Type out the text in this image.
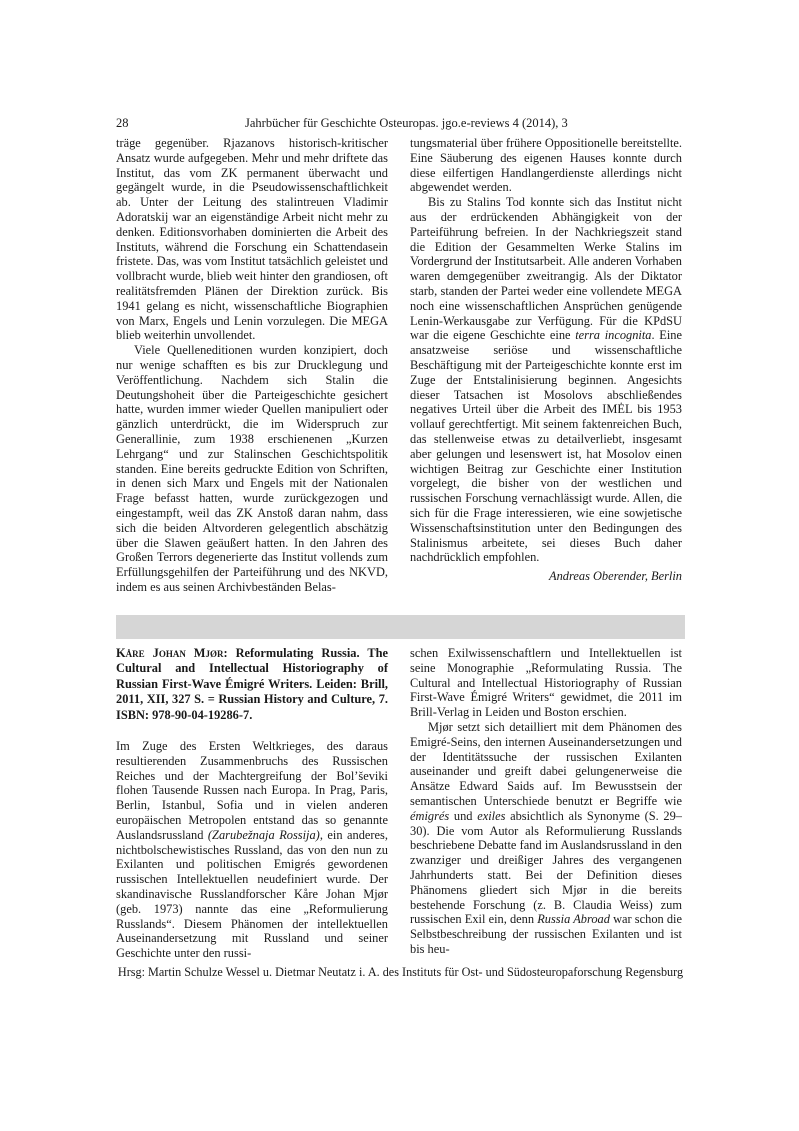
28	Jahrbücher für Geschichte Osteuropas. jgo.e-reviews 4 (2014), 3

träge gegenüber. Rjazanovs historisch-kritischer Ansatz wurde aufgegeben. Mehr und mehr driftete das Institut, das vom ZK permanent überwacht und gegängelt wurde, in die Pseudowissenschaftlichkeit ab. Unter der Leitung des stalintreuen Vladimir Adoratskij war an eigenständige Arbeit nicht mehr zu denken. Editionsvorhaben dominierten die Arbeit des Instituts, während die Forschung ein Schattendasein fristete. Das, was vom Institut tatsächlich geleistet und vollbracht wurde, blieb weit hinter den grandiosen, oft realitätsfremden Plänen der Direktion zurück. Bis 1941 gelang es nicht, wissenschaftliche Biographien von Marx, Engels und Lenin vorzulegen. Die MEGA blieb weiterhin unvollendet.

Viele Quelleneditionen wurden konzipiert, doch nur wenige schafften es bis zur Drucklegung und Veröffentlichung. Nachdem sich Stalin die Deutungshoheit über die Parteigeschichte gesichert hatte, wurden immer wieder Quellen manipuliert oder gänzlich unterdrückt, die im Widerspruch zur Generallinie, zum 1938 erschienenen „Kurzen Lehrgang“ und zur Stalinschen Geschichtspolitik standen. Eine bereits gedruckte Edition von Schriften, in denen sich Marx und Engels mit der Nationalen Frage befasst hatten, wurde zurückgezogen und eingestampft, weil das ZK Anstoß daran nahm, dass sich die beiden Altvorderen gelegentlich abschätzig über die Slawen geäußert hatten. In den Jahren des Großen Terrors degenerierte das Institut vollends zum Erfüllungsgehilfen der Parteiführung und des NKVD, indem es aus seinen Archivbeständen Belas-

tungsmaterial über frühere Oppositionelle bereitstellte. Eine Säuberung des eigenen Hauses konnte durch diese eilfertigen Handlangerdienste allerdings nicht abgewendet werden.

Bis zu Stalins Tod konnte sich das Institut nicht aus der erdrückenden Abhängigkeit von der Parteiführung befreien. In der Nachkriegszeit stand die Edition der Gesammelten Werke Stalins im Vordergrund der Institutsarbeit. Alle anderen Vorhaben waren demgegenüber zweitrangig. Als der Diktator starb, standen der Partei weder eine vollendete MEGA noch eine wissenschaftlichen Ansprüchen genügende Lenin-Werkausgabe zur Verfügung. Für die KPdSU war die eigene Geschichte eine terra incognita. Eine ansatzweise seriöse und wissenschaftliche Beschäftigung mit der Parteigeschichte konnte erst im Zuge der Entstalinisierung beginnen. Angesichts dieser Tatsachen ist Mosolovs abschließendes negatives Urteil über die Arbeit des IMĖL bis 1953 vollauf gerechtfertigt. Mit seinem faktenreichen Buch, das stellenweise etwas zu detailverliebt, insgesamt aber gelungen und lesenswert ist, hat Mosolov einen wichtigen Beitrag zur Geschichte einer Institution vorgelegt, die bisher von der westlichen und russischen Forschung vernachlässigt wurde. Allen, die sich für die Frage interessieren, wie eine sowjetische Wissenschaftsinstitution unter den Bedingungen des Stalinismus arbeitete, sei dieses Buch daher nachdrücklich empfohlen.

Andreas Oberender, Berlin

Kåre Johan Mjør: Reformulating Russia. The Cultural and Intellectual Historiography of Russian First-Wave Émigré Writers. Leiden: Brill, 2011, XII, 327 S. = Russian History and Culture, 7. ISBN: 978-90-04-19286-7.

Im Zuge des Ersten Weltkrieges, des daraus resultierenden Zusammenbruchs des Russischen Reiches und der Machtergreifung der Bol’ševiki flohen Tausende Russen nach Europa. In Prag, Paris, Berlin, Istanbul, Sofia und in vielen anderen europäischen Metropolen entstand das so genannte Auslandsrussland (Zarubežnaja Rossija), ein anderes, nichtbolschewistisches Russland, das von den nun zu Exilanten und politischen Emigrés gewordenen russischen Intellektuellen neudefiniert wurde. Der skandinavische Russlandforscher Kåre Johan Mjør (geb. 1973) nannte das eine „Reformulierung Russlands“. Diesem Phänomen der intellektuellen Auseinandersetzung mit Russland und seiner Geschichte unter den russi-

schen Exilwissenschaftlern und Intellektuellen ist seine Monographie „Reformulating Russia. The Cultural and Intellectual Historiography of Russian First-Wave Émigré Writers“ gewidmet, die 2011 im Brill-Verlag in Leiden und Boston erschien.

Mjør setzt sich detailliert mit dem Phänomen des Emigré-Seins, den internen Auseinandersetzungen und der Identitätssuche der russischen Exilanten auseinander und greift dabei gelungenerweise die Ansätze Edward Saids auf. Im Bewusstsein der semantischen Unterschiede benutzt er Begriffe wie émigrés und exiles absichtlich als Synonyme (S. 29–30). Die vom Autor als Reformulierung Russlands beschriebene Debatte fand im Auslandsrussland in den zwanziger und dreißiger Jahres des vergangenen Jahrhunderts statt. Bei der Definition dieses Phänomens gliedert sich Mjør in die bereits bestehende Forschung (z. B. Claudia Weiss) zum russischen Exil ein, denn Russia Abroad war schon die Selbstbeschreibung der russischen Exilanten und ist bis heu-

Hrsg: Martin Schulze Wessel u. Dietmar Neutatz i. A. des Instituts für Ost- und Südosteuropaforschung Regensburg
